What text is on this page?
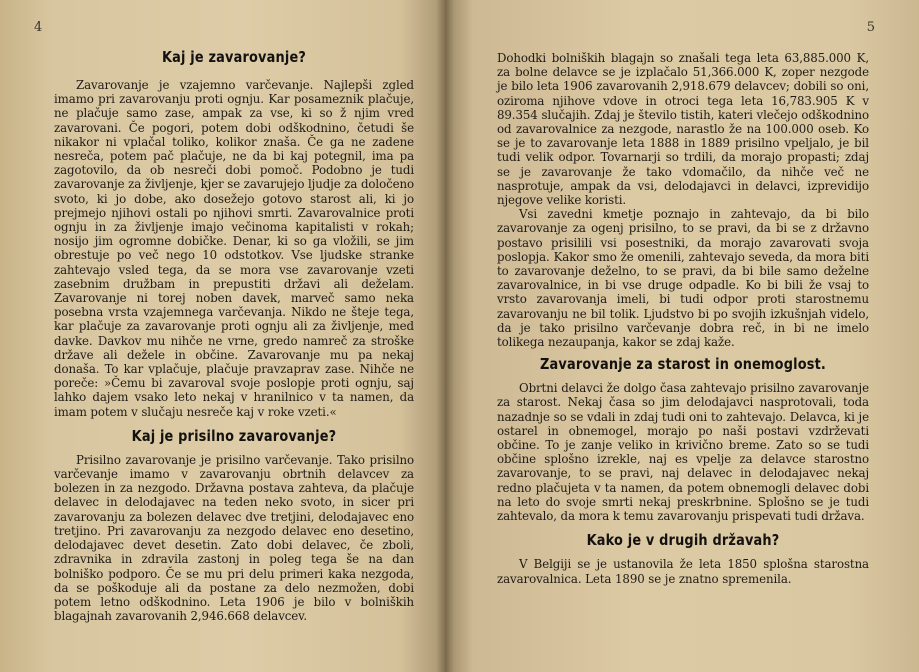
4
Kaj je zavarovanje?

Zavarovanje je vzajemno varčevanje. Najlepši zgled imamo pri zavarovanju proti ognju. Kar posameznik plačuje, ne plačuje samo zase, ampak za vse, ki so ž njim vred zavarovani. Če pogori, potem dobi odškodnino, četudi še nikakor ni vplačal toliko, kolikor znaša. Če ga ne zadene nesreča, potem pač plačuje, ne da bi kaj potegnil, ima pa zagotovilo, da ob nesreči dobi pomoč. Podobno je tudi zavarovanje za življenje, kjer se zavarujejo ljudje za določeno svoto, ki jo dobe, ako dosežejo gotovo starost ali, ki jo prejmejo njihovi ostali po njihovi smrti. Zavarovalnice proti ognju in za življenje imajo večinoma kapitalisti v rokah; nosijo jim ogromne dobičke. Denar, ki so ga vložili, se jim obrestuje po več nego 10 odstotkov. Vse ljudske stranke zahtevajo vsled tega, da se mora vse zavarovanje vzeti zasebnim družbam in prepustiti državi ali deželam. Zavarovanje ni torej noben davek, marveč samo neka posebna vrsta vzajemnega varčevanja. Nikdo ne šteje tega, kar plačuje za zavarovanje proti ognju ali za življenje, med davke. Davkov mu nihče ne vrne, gredo namreč za stroške države ali dežele in občine. Zavarovanje mu pa nekaj donaša. To kar vplačuje, plačuje pravzaprav zase. Nihče ne poreče: »Čemu bi zavaroval svoje poslopje proti ognju, saj lahko dajem vsako leto nekaj v hranilnico v ta namen, da imam potem v slučaju nesreče kaj v roke vzeti.«

Kaj je prisilno zavarovanje?

Prisilno zavarovanje je prisilno varčevanje. Tako prisilno varčevanje imamo v zavarovanju obrtnih delavcev za bolezen in za nezgodo. Državna postava zahteva, da plačuje delavec in delodajavec na teden neko svoto, in sicer pri zavarovanju za bolezen delavec dve tretjini, delodajavec eno tretjino. Pri zavarovanju za nezgodo delavec eno desetino, delodajavec devet desetin. Zato dobi delavec, če zboli, zdravnika in zdravila zastonj in poleg tega še na dan bolniško podporo. Če se mu pri delu primeri kaka nezgoda, da se poškoduje ali da postane za delo nezmožen, dobi potem letno odškodnino. Leta 1906 je bilo v bolniških blagajnah zavarovanih 2,946.668 delavcev.

5

Dohodki bolniških blagajn so znašali tega leta 63,885.000 K, za bolne delavce se je izplačalo 51,366.000 K, zoper nezgode je bilo leta 1906 zavarovanih 2,918.679 delavcev; dobili so oni, oziroma njihove vdove in otroci tega leta 16,783.905 K v 89.354 slučajih. Zdaj je število tistih, kateri vlečejo odškodnino od zavarovalnice za nezgode, narastlo že na 100.000 oseb. Ko se je to zavarovanje leta 1888 in 1889 prisilno vpeljalo, je bil tudi velik odpor. Tovarnarji so trdili, da morajo propasti; zdaj se je zavarovanje že tako vdomačilo, da nihče več ne nasprotuje, ampak da vsi, delodajavci in delavci, izprevidijo njegove velike koristi.

Vsi zavedni kmetje poznajo in zahtevajo, da bi bilo zavarovanje za ogenj prisilno, to se pravi, da bi se z državno postavo prisilili vsi posestniki, da morajo zavarovati svoja poslopja. Kakor smo že omenili, zahtevajo seveda, da mora biti to zavarovanje deželno, to se pravi, da bi bile samo deželne zavarovalnice, in bi vse druge odpadle. Ko bi bili že vsaj to vrsto zavarovanja imeli, bi tudi odpor proti starostnemu zavarovanju ne bil tolik. Ljudstvo bi po svojih izkušnjah videlo, da je tako prisilno varčevanje dobra reč, in bi ne imelo tolikega nezaupanja, kakor se zdaj kaže.

Zavarovanje za starost in onemoglost.

Obrtni delavci že dolgo časa zahtevajo prisilno zavarovanje za starost. Nekaj časa so jim delodajavci nasprotovali, toda nazadnje so se vdali in zdaj tudi oni to zahtevajo. Delavca, ki je ostarel in obnemogel, morajo po naši postavi vzdrževati občine. To je zanje veliko in krivično breme. Zato so se tudi občine splošno izrekle, naj es vpelje za delavce starostno zavarovanje, to se pravi, naj delavec in delodajavec nekaj redno plačujeta v ta namen, da potem obnemogli delavec dobi na leto do svoje smrti nekaj preskrbnine. Splošno se je tudi zahtevalo, da mora k temu zavarovanju prispevati tudi država.

Kako je v drugih državah?

V Belgiji se je ustanovila že leta 1850 splošna starostna zavarovalnica. Leta 1890 se je znatno spremenila.
